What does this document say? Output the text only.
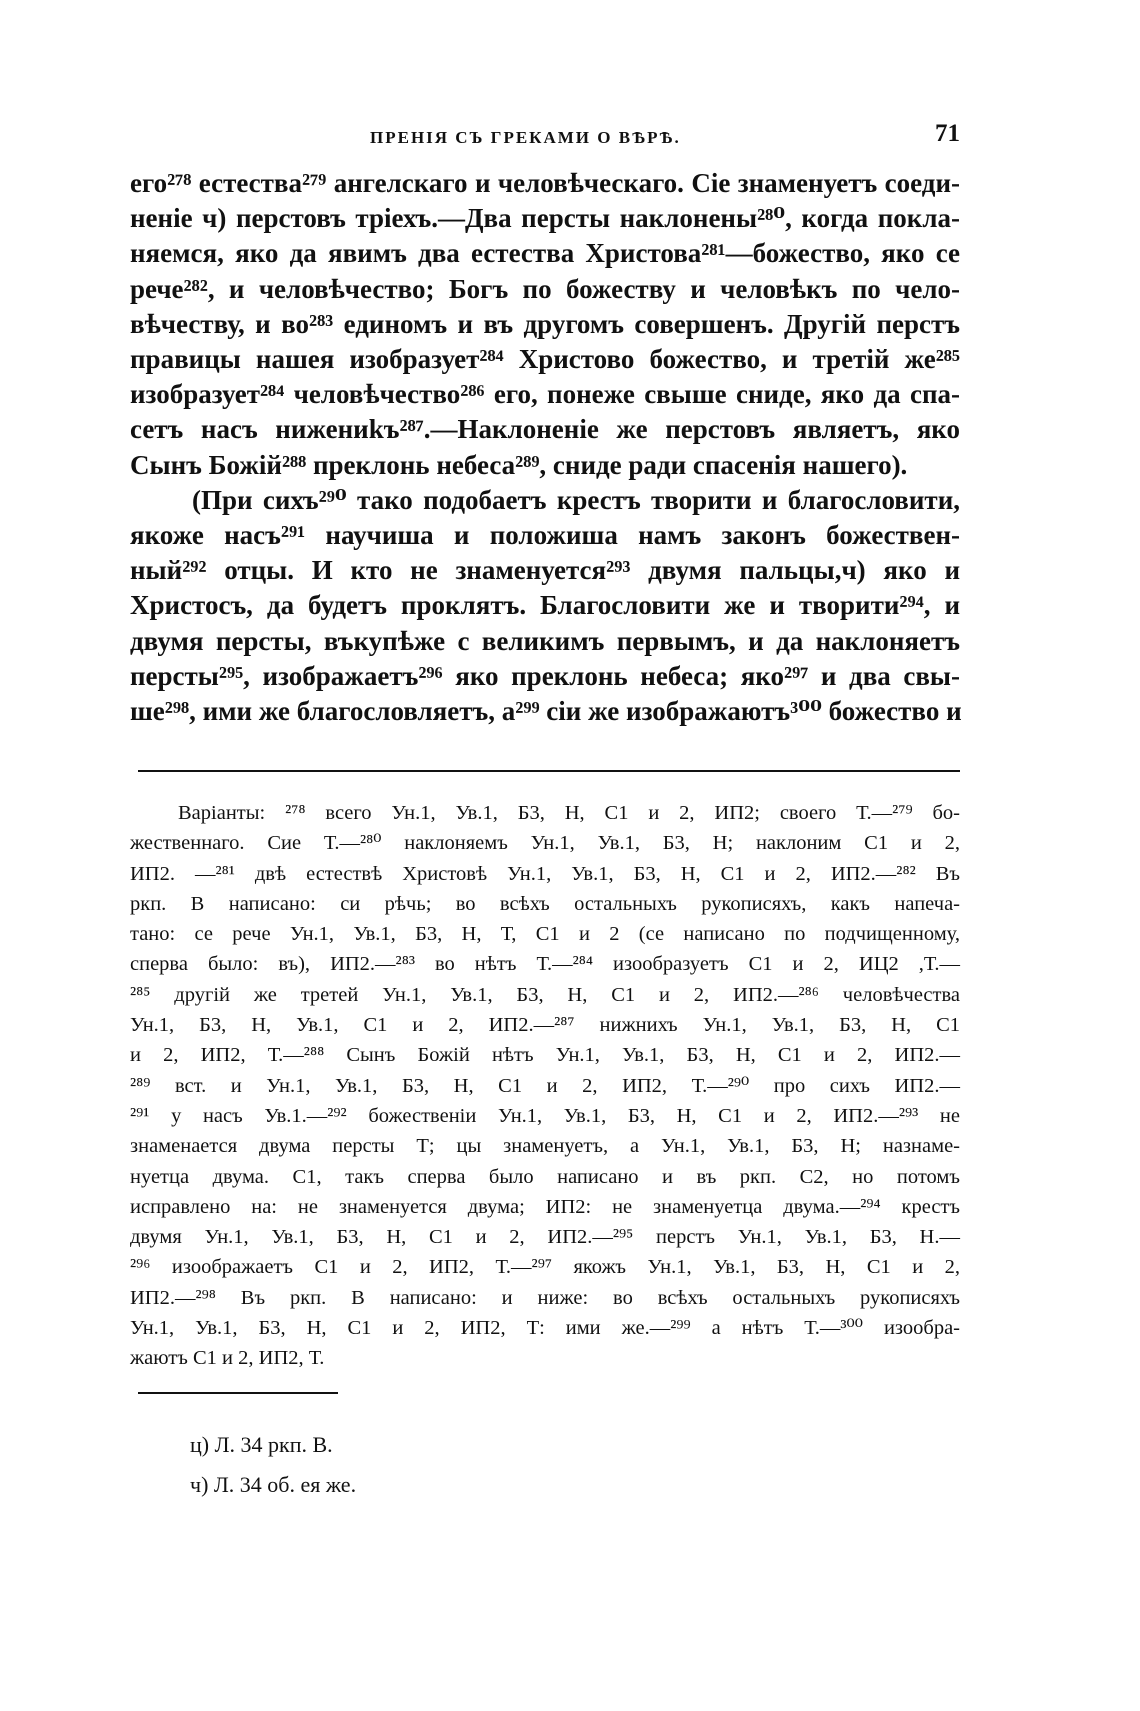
ПРЕНІЯ СЪ ГРЕКАМИ О ВѢРѢ.	71

его²⁷⁸ естества²⁷⁹ ангелскаго и человѣческаго. Сіе знаменуетъ соеди-
неніе ч) перстовъ тріехъ.—Два персты наклонены²⁸⁰, когда покла-
няемся, яко да явимъ два естества Христова²⁸¹—божество, яко се
рече²⁸², и человѣчество; Богъ по божеству и человѣкъ по чело-
вѣчеству, и во²⁸³ единомъ и въ другомъ совершенъ. Другій перстъ
правицы нашея изобразует²⁸⁴ Христово божество, и третій же²⁸⁵
изобразует²⁸⁴ человѣчество²⁸⁶ его, понеже свыше сниде, яко да спа-
сетъ насъ нижениkъ²⁸⁷.—Наклоненіе же перстовъ являетъ, яко
Сынъ Божій²⁸⁸ преклонь небеса²⁸⁹, сниде ради спасенія нашего).

(При сихъ²⁹⁰ тако подобаетъ крестъ творити и благословити,
якоже насъ²⁹¹ научиша и положиша намъ законъ божествен-
ный²⁹² отцы. И кто не знаменуется²⁹³ двумя пальцы,ч) яко и
Христосъ, да будетъ проклятъ. Благословити же и творити²⁹⁴, и
двумя персты, въкупѣже с великимъ первымъ, и да наклоняетъ
персты²⁹⁵, изображаетъ²⁹⁶ яко преклонь небеса; яко²⁹⁷ и два свы-
ше²⁹⁸, ими же благословляетъ, а²⁹⁹ сіи же изображаютъ³⁰⁰ божество и

Варіанты: ²⁷⁸ всего Ун.1, Ув.1, Б3, Н, С1 и 2, ИП2; своего Т.—²⁷⁹ бо-
жественнаго. Сие Т.—²⁸⁰ наклоняемъ Ун.1, Ув.1, Б3, Н; наклоним С1 и 2,
ИП2. —²⁸¹ двѣ естествѣ Христовѣ Ун.1, Ув.1, Б3, Н, С1 и 2, ИП2.—²⁸² Въ
ркп. В написано: си рѣчь; во всѣхъ остальныхъ рукописяхъ, какъ напеча-
тано: се рече Ун.1, Ув.1, Б3, Н, Т, С1 и 2 (се написано по подчищенному,
сперва было: въ), ИП2.—²⁸³ во нѣтъ Т.—²⁸⁴ изообразуетъ С1 и 2, ИЦ2 ,Т.—
²⁸⁵ другій же третей Ун.1, Ув.1, Б3, Н, С1 и 2, ИП2.—²⁸⁶ человѣчества
Ун.1, Б3, Н, Ув.1, С1 и 2, ИП2.—²⁸⁷ нижнихъ Ун.1, Ув.1, Б3, Н, С1
и 2, ИП2, Т.—²⁸⁸ Сынъ Божій нѣтъ Ун.1, Ув.1, Б3, Н, С1 и 2, ИП2.—
²⁸⁹ вст. и Ун.1, Ув.1, Б3, Н, С1 и 2, ИП2, Т.—²⁹⁰ про сихъ ИП2.—
²⁹¹ у насъ Ув.1.—²⁹² божественіи Ун.1, Ув.1, Б3, Н, С1 и 2, ИП2.—²⁹³ не
знаменается двума персты Т; цы знаменуетъ, а Ун.1, Ув.1, Б3, Н; назнаме-
нуетца двума. С1, такъ сперва было написано и въ ркп. С2, но потомъ
исправлено на: не знаменуется двума; ИП2: не знаменуетца двума.—²⁹⁴ крестъ
двумя Ун.1, Ув.1, Б3, Н, С1 и 2, ИП2.—²⁹⁵ перстъ Ун.1, Ув.1, Б3, Н.—
²⁹⁶ изоображаетъ С1 и 2, ИП2, Т.—²⁹⁷ якожъ Ун.1, Ув.1, Б3, Н, С1 и 2,
ИП2.—²⁹⁸ Въ ркп. В написано: и ниже: во всѣхъ остальныхъ рукописяхъ
Ун.1, Ув.1, Б3, Н, С1 и 2, ИП2, Т: ими же.—²⁹⁹ а нѣтъ Т.—³⁰⁰ изообра-
жаютъ С1 и 2, ИП2, Т.
ц) Л. 34 ркп. В.
ч) Л. 34 об. ея же.
